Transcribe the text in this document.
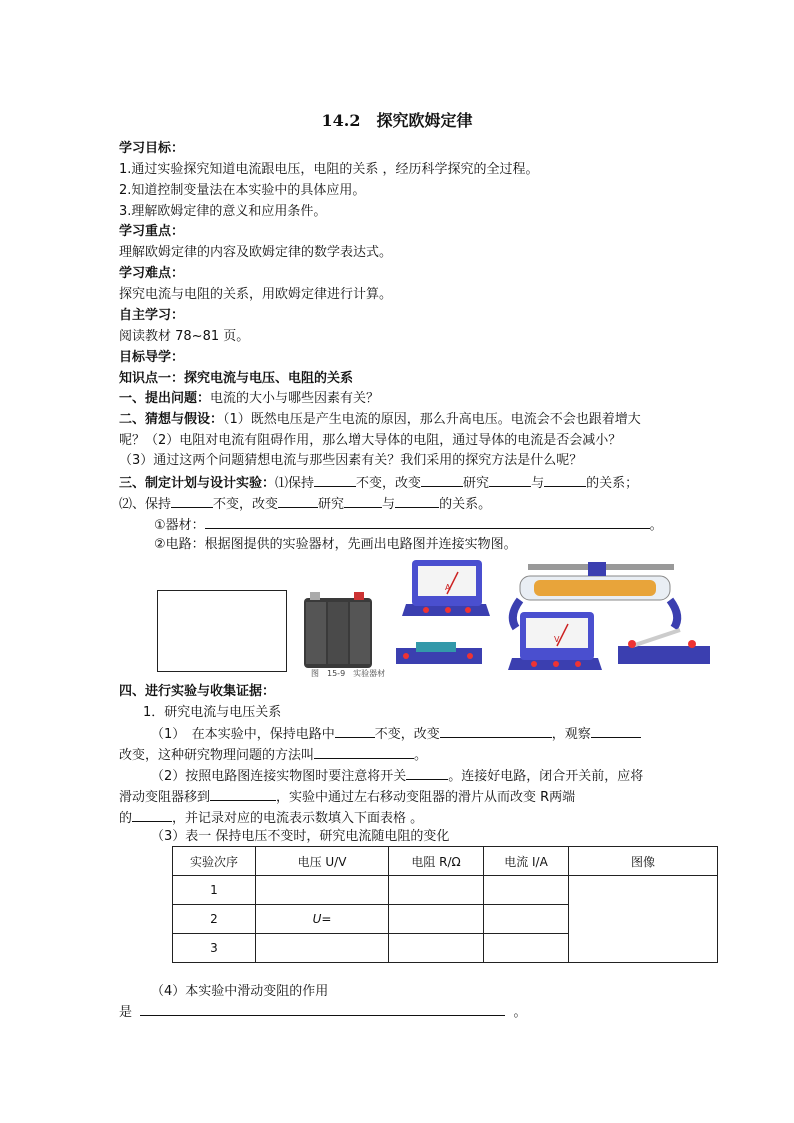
14.2　探究欧姆定律
学习目标：
1.通过实验探究知道电流跟电压，电阻的关系 ，经历科学探究的全过程。
2.知道控制变量法在本实验中的具体应用。
3.理解欧姆定律的意义和应用条件。
学习重点：
理解欧姆定律的内容及欧姆定律的数学表达式。
学习难点：
探究电流与电阻的关系，用欧姆定律进行计算。
自主学习：
阅读教材 78~81 页。
目标导学：
知识点一：探究电流与电压、电阻的关系
一、提出问题：电流的大小与哪些因素有关？
二、猜想与假设：（1）既然电压是产生电流的原因，那么升高电压。电流会不会也跟着增大
呢？（2）电阻对电流有阻碍作用，那么增大导体的电阻，通过导体的电流是否会减小？
（3）通过这两个问题猜想电流与那些因素有关？我们采用的探究方法是什么呢？
三、制定计划与设计实验：⑴保持	不变，改变	研究	与	的关系；
⑵、保持	不变，改变	研究	与	的关系。
①器材：	。
②电路：根据图提供的实验器材，先画出电路图并连接实物图。
A
V
图　15-9　实验器材
四、进行实验与收集证据：
1．研究电流与电压关系
（1）　在本实验中，保持电路中	不变，改变	，观察
改变，这种研究物理问题的方法叫	。
（2）按照电路图连接实物图时要注意将开关	。连接好电路，闭合开关前，应将
滑动变阻器移到	，实验中通过左右移动变阻器的滑片从而改变 R两端
的	，并记录对应的电流表示数填入下面表格 。
（3）表一 保持电压不变时，研究电流随电阻的变化
实验次序	电压 U/V	电阻 R/Ω	电流 I/A	图像
1				
2	U=			
3				
（4）本实验中滑动变阻的作用
是	。
